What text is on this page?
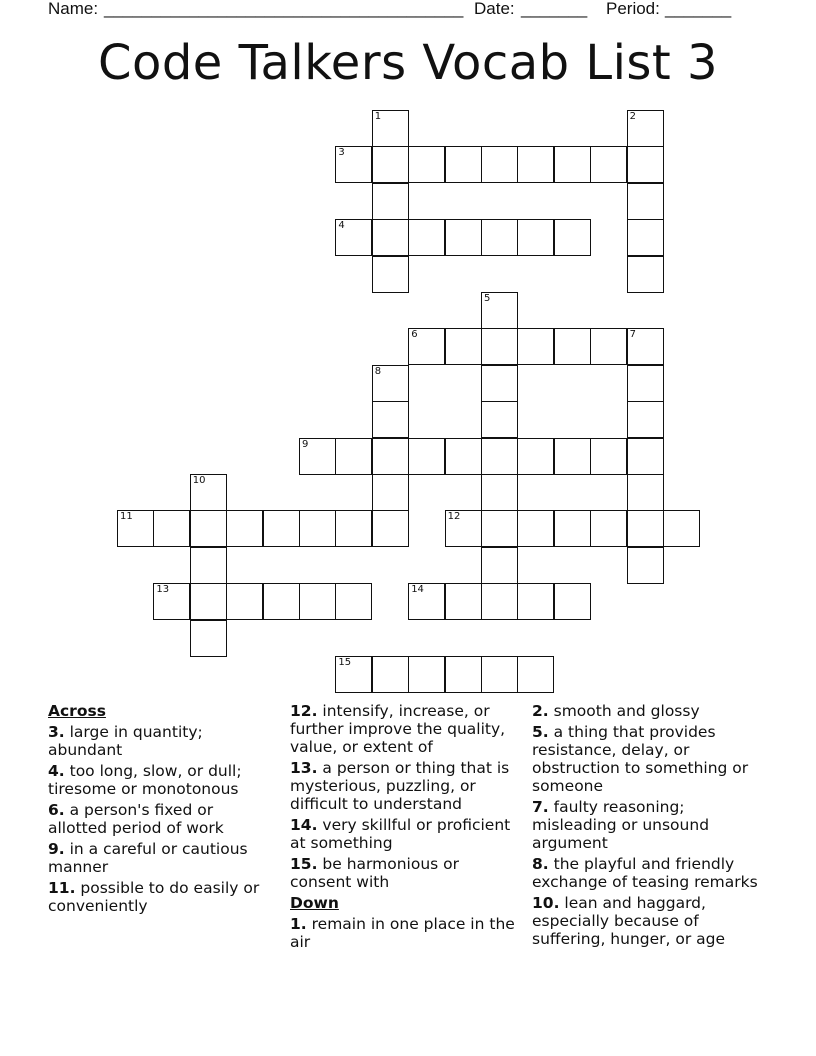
Name:

______________________________________

Date:

_______

Period:

_______

Code Talkers Vocab List 3
1	2
3
4
5
6	7
8
9
10
11	12
13	14
15
Across
3. large in quantity; abundant
4. too long, slow, or dull; tiresome or monotonous
6. a person's fixed or allotted period of work
9. in a careful or cautious manner
11. possible to do easily or conveniently
12. intensify, increase, or further improve the quality, value, or extent of
13. a person or thing that is mysterious, puzzling, or difficult to understand
14. very skillful or proficient at something
15. be harmonious or consent with
Down
1. remain in one place in the air
2. smooth and glossy
5. a thing that provides resistance, delay, or obstruction to something or someone
7. faulty reasoning; misleading or unsound argument
8. the playful and friendly exchange of teasing remarks
10. lean and haggard, especially because of suffering, hunger, or age
